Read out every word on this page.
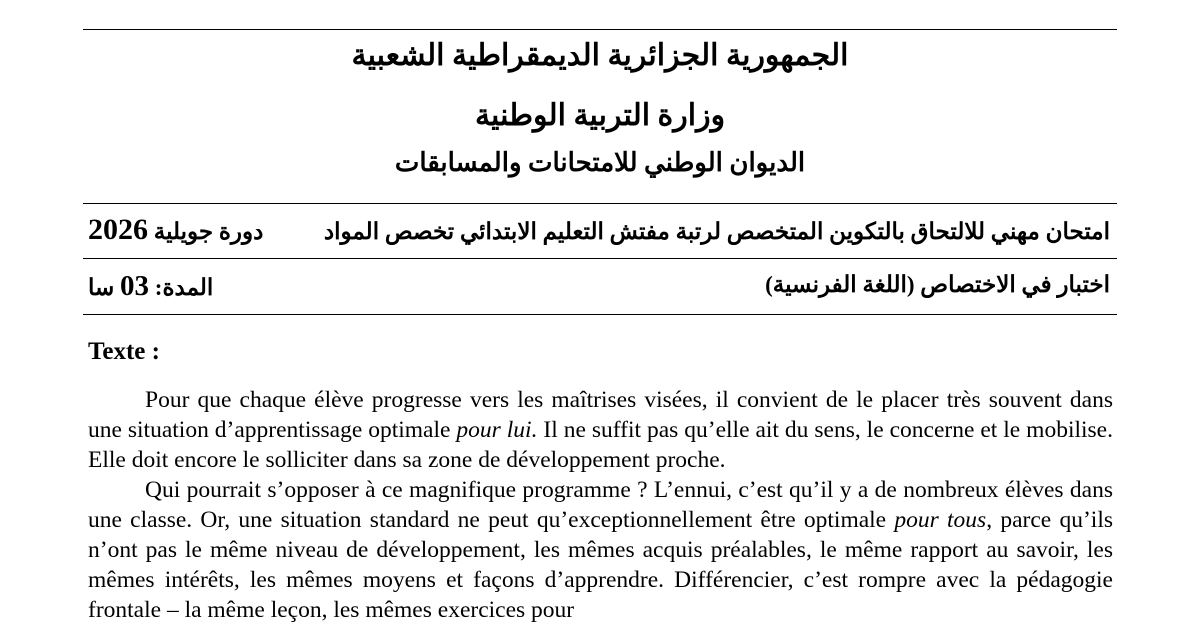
الجمهورية الجزائرية الديمقراطية الشعبية
وزارة التربية الوطنية
الديوان الوطني للامتحانات والمسابقات
امتحان مهني للالتحاق بالتكوين المتخصص لرتبة مفتش التعليم الابتدائي تخصص المواد
دورة جويلية 2026
اختبار في الاختصاص (اللغة الفرنسية)
المدة: 03 سا
Texte :

Pour que chaque élève progresse vers les maîtrises visées, il convient de le placer très souvent dans une situation d’apprentissage optimale pour lui. Il ne suffit pas qu’elle ait du sens, le concerne et le mobilise. Elle doit encore le solliciter dans sa zone de développement proche.

Qui pourrait s’opposer à ce magnifique programme ? L’ennui, c’est qu’il y a de nombreux élèves dans une classe. Or, une situation standard ne peut qu’exceptionnellement être optimale pour tous, parce qu’ils n’ont pas le même niveau de développement, les mêmes acquis préalables, le même rapport au savoir, les mêmes intérêts, les mêmes moyens et façons d’apprendre. Différencier, c’est rompre avec la pédagogie frontale – la même leçon, les mêmes exercices pour
